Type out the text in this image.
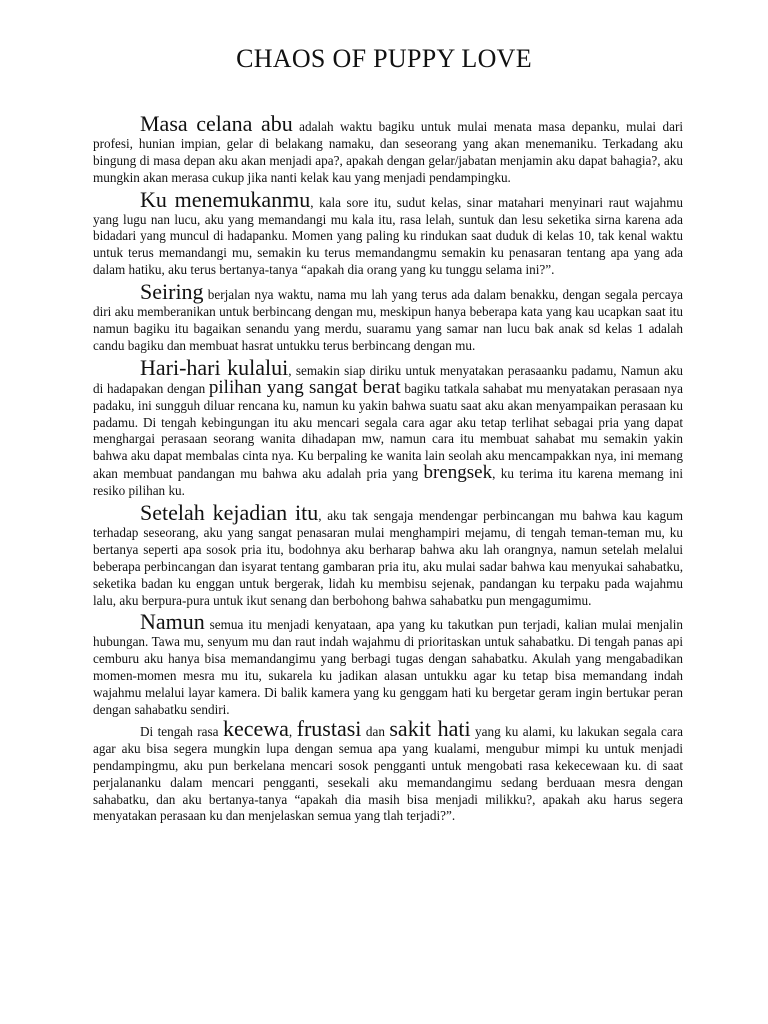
CHAOS OF PUPPY LOVE

Masa celana abu adalah waktu bagiku untuk mulai menata masa depanku, mulai dari profesi, hunian impian, gelar di belakang namaku, dan seseorang yang akan menemaniku. Terkadang aku bingung di masa depan aku akan menjadi apa?, apakah dengan gelar/jabatan menjamin aku dapat bahagia?, aku mungkin akan merasa cukup jika nanti kelak kau yang menjadi pendampingku.

Ku menemukanmu, kala sore itu, sudut kelas, sinar matahari menyinari raut wajahmu yang lugu nan lucu, aku yang memandangi mu kala itu, rasa lelah, suntuk dan lesu seketika sirna karena ada bidadari yang muncul di hadapanku. Momen yang paling ku rindukan saat duduk di kelas 10, tak kenal waktu untuk terus memandangi mu, semakin ku terus memandangmu semakin ku penasaran tentang apa yang ada dalam hatiku, aku terus bertanya-tanya “apakah dia orang yang ku tunggu selama ini?”.

Seiring berjalan nya waktu, nama mu lah yang terus ada dalam benakku, dengan segala percaya diri aku memberanikan untuk berbincang dengan mu, meskipun hanya beberapa kata yang kau ucapkan saat itu namun bagiku itu bagaikan senandu yang merdu, suaramu yang samar nan lucu bak anak sd kelas 1 adalah candu bagiku dan membuat hasrat untukku terus berbincang dengan mu.

Hari-hari kulalui, semakin siap diriku untuk menyatakan perasaanku padamu, Namun aku di hadapakan dengan pilihan yang sangat berat bagiku tatkala sahabat mu menyatakan perasaan nya padaku, ini sungguh diluar rencana ku, namun ku yakin bahwa suatu saat aku akan menyampaikan perasaan ku padamu. Di tengah kebingungan itu aku mencari segala cara agar aku tetap terlihat sebagai pria yang dapat menghargai perasaan seorang wanita dihadapan mw, namun cara itu membuat sahabat mu semakin yakin bahwa aku dapat membalas cinta nya. Ku berpaling ke wanita lain seolah aku mencampakkan nya, ini memang akan membuat pandangan mu bahwa aku adalah pria yang brengsek, ku terima itu karena memang ini resiko pilihan ku.

Setelah kejadian itu, aku tak sengaja mendengar perbincangan mu bahwa kau kagum terhadap seseorang, aku yang sangat penasaran mulai menghampiri mejamu, di tengah teman-teman mu, ku bertanya seperti apa sosok pria itu, bodohnya aku berharap bahwa aku lah orangnya, namun setelah melalui beberapa perbincangan dan isyarat tentang gambaran pria itu, aku mulai sadar bahwa kau menyukai sahabatku, seketika badan ku enggan untuk bergerak, lidah ku membisu sejenak, pandangan ku terpaku pada wajahmu lalu, aku berpura-pura untuk ikut senang dan berbohong bahwa sahabatku pun mengagumimu.

Namun semua itu menjadi kenyataan, apa yang ku takutkan pun terjadi, kalian mulai menjalin hubungan. Tawa mu, senyum mu dan raut indah wajahmu di prioritaskan untuk sahabatku. Di tengah panas api cemburu aku hanya bisa memandangimu yang berbagi tugas dengan sahabatku. Akulah yang mengabadikan momen-momen mesra mu itu, sukarela ku jadikan alasan untukku agar ku tetap bisa memandang indah wajahmu melalui layar kamera. Di balik kamera yang ku genggam hati ku bergetar geram ingin bertukar peran dengan sahabatku sendiri.

Di tengah rasa kecewa, frustasi dan sakit hati yang ku alami, ku lakukan segala cara agar aku bisa segera mungkin lupa dengan semua apa yang kualami, mengubur mimpi ku untuk menjadi pendampingmu, aku pun berkelana mencari sosok pengganti untuk mengobati rasa kekecewaan ku. di saat perjalananku dalam mencari pengganti, sesekali aku memandangimu sedang berduaan mesra dengan sahabatku, dan aku bertanya-tanya “apakah dia masih bisa menjadi milikku?, apakah aku harus segera menyatakan perasaan ku dan menjelaskan semua yang tlah terjadi?”.
